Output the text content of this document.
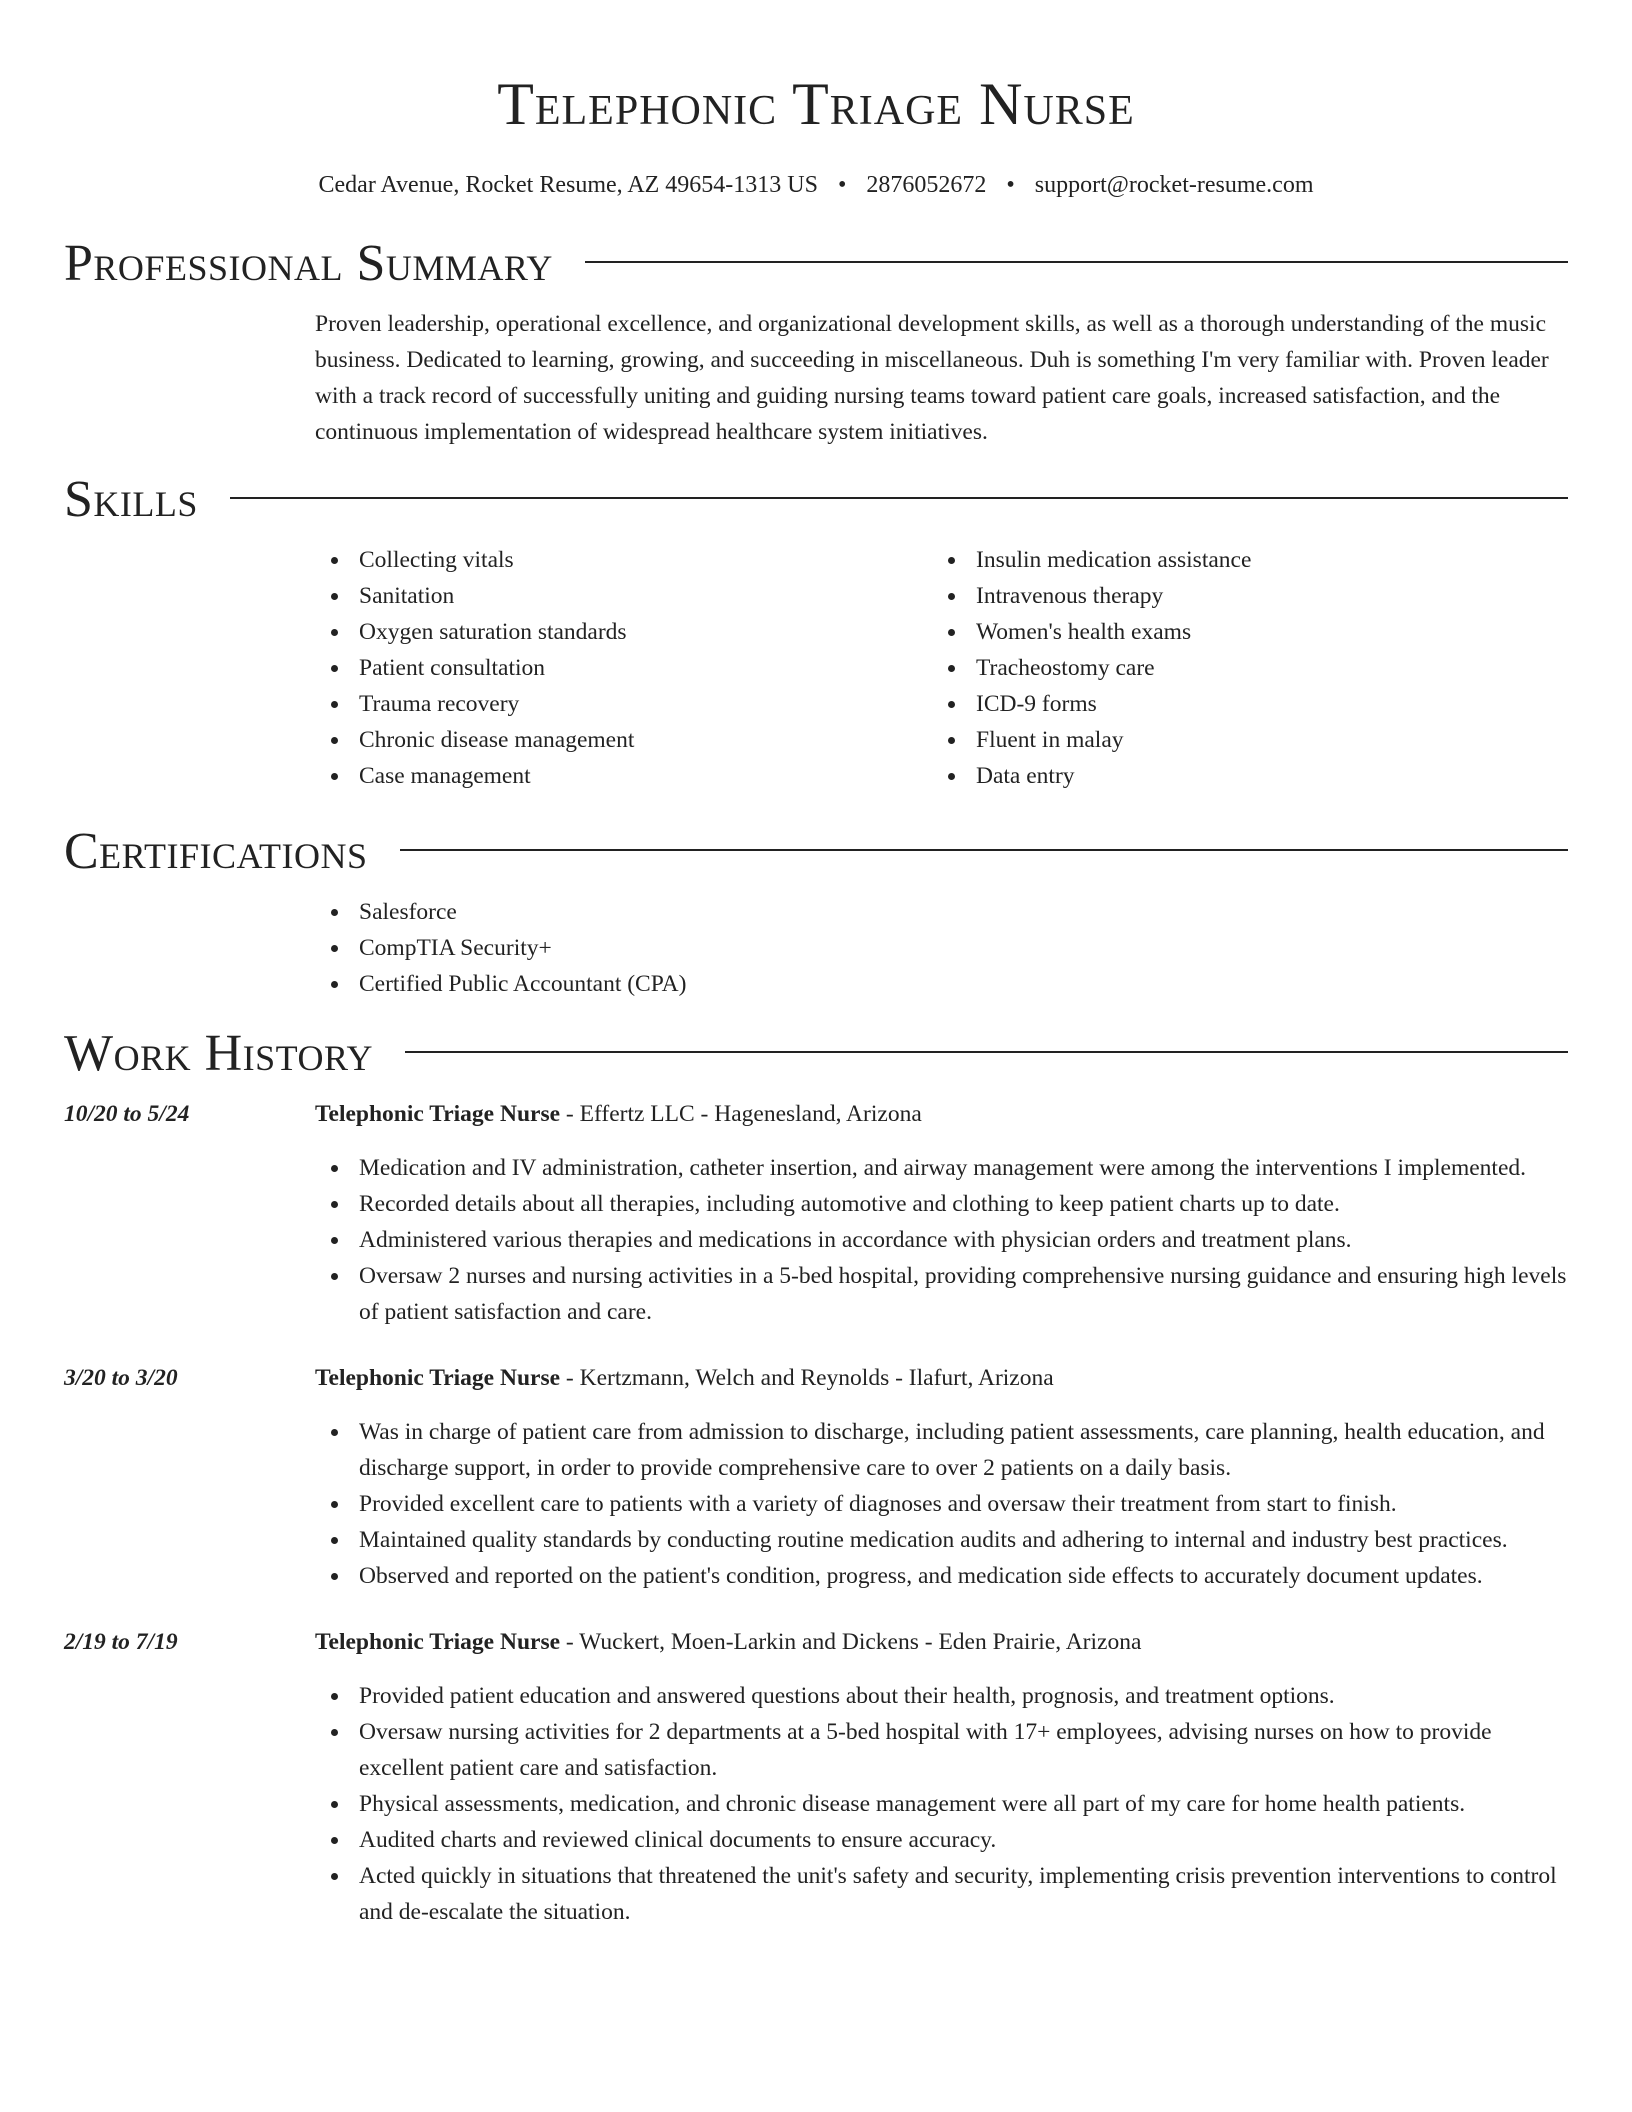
Telephonic Triage Nurse
Cedar Avenue, Rocket Resume, AZ 49654-1313 US • 2876052672 • support@rocket-resume.com
Professional Summary
Proven leadership, operational excellence, and organizational development skills, as well as a thorough understanding of the music business. Dedicated to learning, growing, and succeeding in miscellaneous. Duh is something I'm very familiar with. Proven leader with a track record of successfully uniting and guiding nursing teams toward patient care goals, increased satisfaction, and the continuous implementation of widespread healthcare system initiatives.
Skills
Collecting vitals
Sanitation
Oxygen saturation standards
Patient consultation
Trauma recovery
Chronic disease management
Case management
Insulin medication assistance
Intravenous therapy
Women's health exams
Tracheostomy care
ICD-9 forms
Fluent in malay
Data entry
Certifications
Salesforce
CompTIA Security+
Certified Public Accountant (CPA)
Work History
10/20 to 5/24	Telephonic Triage Nurse - Effertz LLC - Hagenesland, Arizona
Medication and IV administration, catheter insertion, and airway management were among the interventions I implemented.
Recorded details about all therapies, including automotive and clothing to keep patient charts up to date.
Administered various therapies and medications in accordance with physician orders and treatment plans.
Oversaw 2 nurses and nursing activities in a 5-bed hospital, providing comprehensive nursing guidance and ensuring high levels of patient satisfaction and care.
3/20 to 3/20	Telephonic Triage Nurse - Kertzmann, Welch and Reynolds - Ilafurt, Arizona
Was in charge of patient care from admission to discharge, including patient assessments, care planning, health education, and discharge support, in order to provide comprehensive care to over 2 patients on a daily basis.
Provided excellent care to patients with a variety of diagnoses and oversaw their treatment from start to finish.
Maintained quality standards by conducting routine medication audits and adhering to internal and industry best practices.
Observed and reported on the patient's condition, progress, and medication side effects to accurately document updates.
2/19 to 7/19	Telephonic Triage Nurse - Wuckert, Moen-Larkin and Dickens - Eden Prairie, Arizona
Provided patient education and answered questions about their health, prognosis, and treatment options.
Oversaw nursing activities for 2 departments at a 5-bed hospital with 17+ employees, advising nurses on how to provide excellent patient care and satisfaction.
Physical assessments, medication, and chronic disease management were all part of my care for home health patients.
Audited charts and reviewed clinical documents to ensure accuracy.
Acted quickly in situations that threatened the unit's safety and security, implementing crisis prevention interventions to control and de-escalate the situation.
